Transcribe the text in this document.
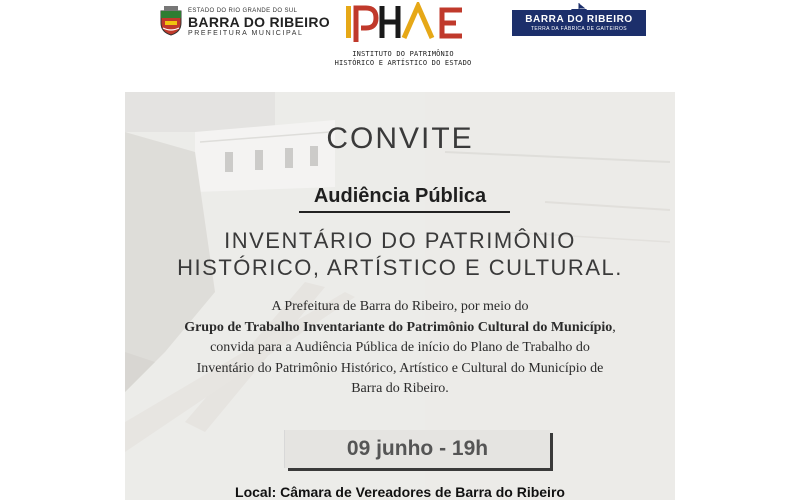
ESTADO DO RIO GRANDE DO SUL
BARRA DO RIBEIRO
PREFEITURA MUNICIPAL
IPHAE
INSTITUTO DO PATRIMÔNIO
HISTÓRICO E ARTÍSTICO DO ESTADO
BARRA DO RIBEIRO
TERRA DA FÁBRICA DE GAITEIROS
CONVITE
Audiência Pública
INVENTÁRIO DO PATRIMÔNIO
HISTÓRICO, ARTÍSTICO E CULTURAL.
A Prefeitura de Barra do Ribeiro, por meio do
Grupo de Trabalho Inventariante do Patrimônio Cultural do Município,
convida para a Audiência Pública de início do Plano de Trabalho do
Inventário do Patrimônio Histórico, Artístico e Cultural do Município de
Barra do Ribeiro.
09 junho - 19h
Local: Câmara de Vereadores de Barra do Ribeiro
